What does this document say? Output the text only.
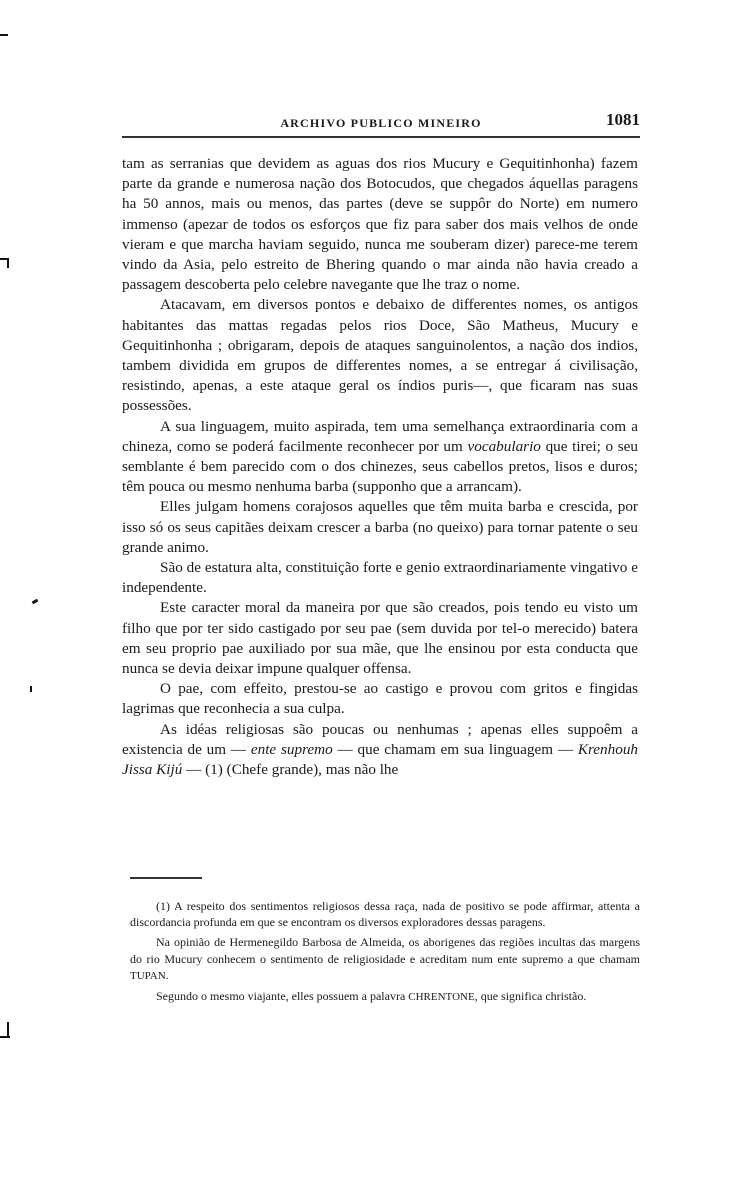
ARCHIVO PUBLICO MINEIRO	1081

tam as serranias que devidem as aguas dos rios Mucury e Gequitinhonha) fazem parte da grande e numerosa nação dos Botocudos, que chegados áquellas paragens ha 50 annos, mais ou menos, das partes (deve se suppôr do Norte) em numero immenso (apezar de todos os esforços que fiz para saber dos mais velhos de onde vieram e que marcha haviam seguido, nunca me souberam dizer) parece-me terem vindo da Asia, pelo estreito de Bhering quando o mar ainda não havia creado a passagem descoberta pelo celebre navegante que lhe traz o nome.

Atacavam, em diversos pontos e debaixo de differentes nomes, os antigos habitantes das mattas regadas pelos rios Doce, São Matheus, Mucury e Gequitinhonha ; obrigaram, depois de ataques sanguinolentos, a nação dos indios, tambem dividida em grupos de differentes nomes, a se entregar á civilisação, resistindo, apenas, a este ataque geral os índios puris—, que ficaram nas suas possessões.

A sua linguagem, muito aspirada, tem uma semelhança extraordinaria com a chineza, como se poderá facilmente reconhecer por um vocabulario que tirei; o seu semblante é bem parecido com o dos chinezes, seus cabellos pretos, lisos e duros; têm pouca ou mesmo nenhuma barba (supponho que a arrancam).

Elles julgam homens corajosos aquelles que têm muita barba e crescida, por isso só os seus capitães deixam crescer a barba (no queixo) para tornar patente o seu grande animo.

São de estatura alta, constituição forte e genio extraordinariamente vingativo e independente.

Este caracter moral da maneira por que são creados, pois tendo eu visto um filho que por ter sido castigado por seu pae (sem duvida por tel-o merecido) batera em seu proprio pae auxiliado por sua mãe, que lhe ensinou por esta conducta que nunca se devia deixar impune qualquer offensa.

O pae, com effeito, prestou-se ao castigo e provou com gritos e fingidas lagrimas que reconhecia a sua culpa.

As idéas religiosas são poucas ou nenhumas ; apenas elles suppoêm a existencia de um — ente supremo — que chamam em sua linguagem — Krenhouh Jissa Kijú — (1) (Chefe grande), mas não lhe

(1) A respeito dos sentimentos religiosos dessa raça, nada de positivo se pode affirmar, attenta a discordancia profunda em que se encontram os diversos exploradores dessas paragens.

Na opinião de Hermenegildo Barbosa de Almeida, os aborigenes das regiões incultas das margens do rio Mucury conhecem o sentimento de religiosidade e acreditam num ente supremo a que chamam TUPAN.

Segundo o mesmo viajante, elles possuem a palavra CHRENTONE, que significa christão.
